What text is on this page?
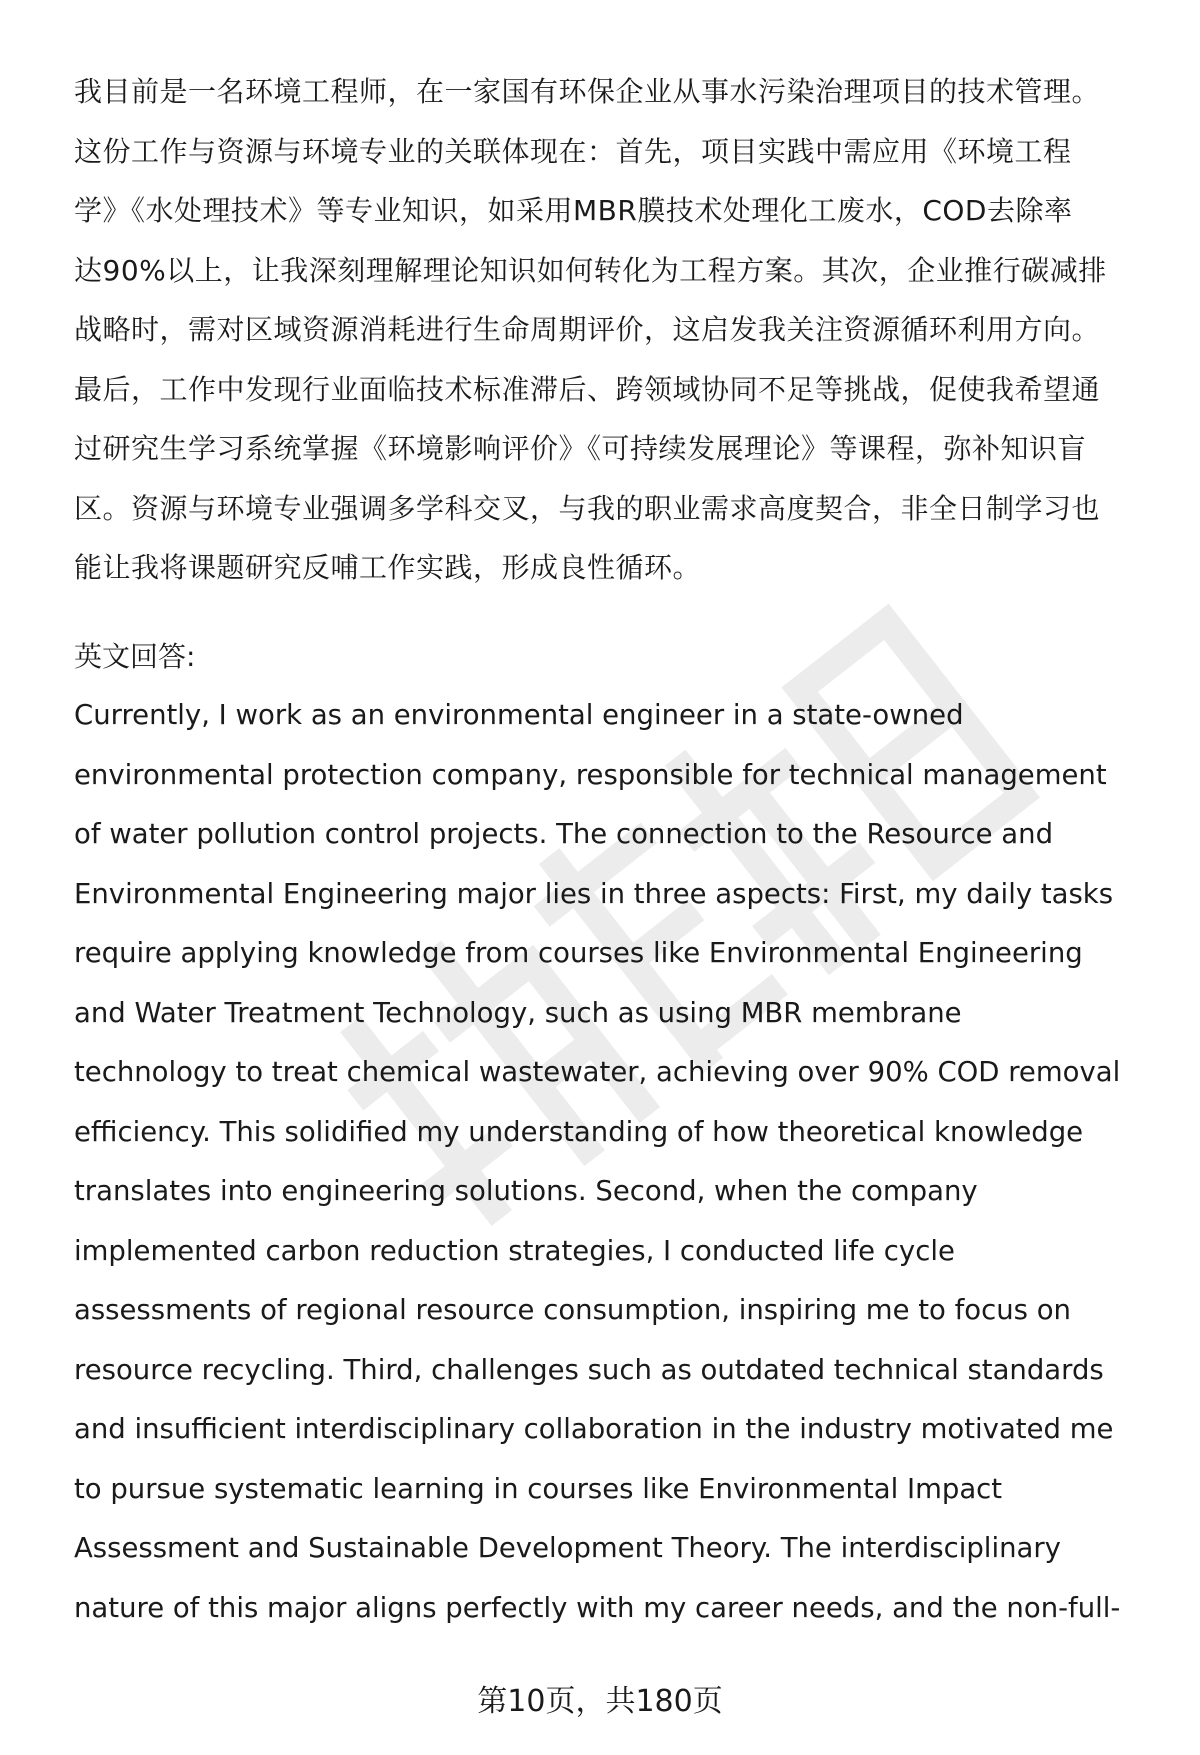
我目前是一名环境工程师，在一家国有环保企业从事水污染治理项目的技术管理。
这份工作与资源与环境专业的关联体现在：首先，项目实践中需应用《环境工程
学》《水处理技术》等专业知识，如采用MBR膜技术处理化工废水，COD去除率
达90%以上，让我深刻理解理论知识如何转化为工程方案。其次，企业推行碳减排
战略时，需对区域资源消耗进行生命周期评价，这启发我关注资源循环利用方向。
最后，工作中发现行业面临技术标准滞后、跨领域协同不足等挑战，促使我希望通
过研究生学习系统掌握《环境影响评价》《可持续发展理论》等课程，弥补知识盲
区。资源与环境专业强调多学科交叉，与我的职业需求高度契合，非全日制学习也
能让我将课题研究反哺工作实践，形成良性循环。
英文回答:
Currently, I work as an environmental engineer in a state-owned
environmental protection company, responsible for technical management
of water pollution control projects. The connection to the Resource and
Environmental Engineering major lies in three aspects: First, my daily tasks
require applying knowledge from courses like Environmental Engineering
and Water Treatment Technology, such as using MBR membrane
technology to treat chemical wastewater, achieving over 90% COD removal
efficiency. This solidified my understanding of how theoretical knowledge
translates into engineering solutions. Second, when the company
implemented carbon reduction strategies, I conducted life cycle
assessments of regional resource consumption, inspiring me to focus on
resource recycling. Third, challenges such as outdated technical standards
and insufficient interdisciplinary collaboration in the industry motivated me
to pursue systematic learning in courses like Environmental Impact
Assessment and Sustainable Development Theory. The interdisciplinary
nature of this major aligns perfectly with my career needs, and the non-full-
第10页，共180页
